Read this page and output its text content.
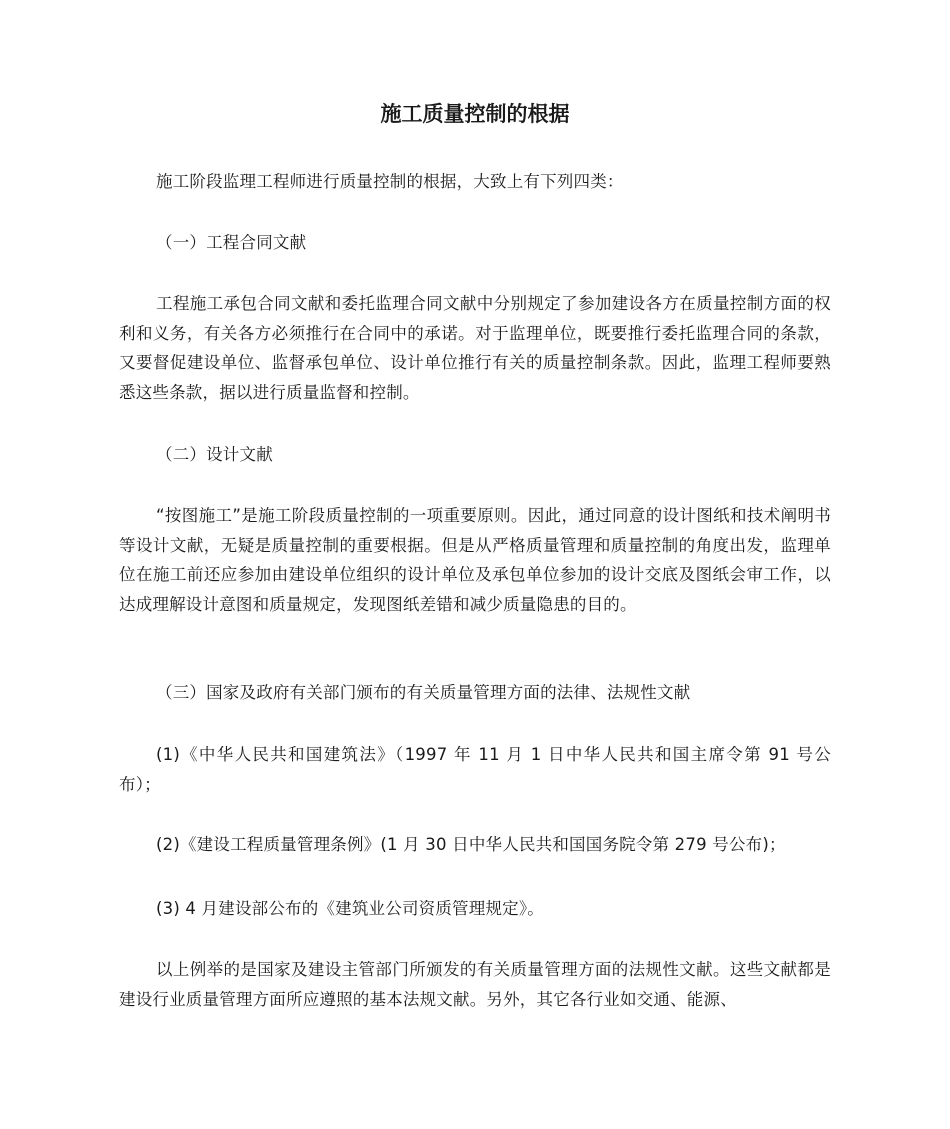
施工质量控制的根据

施工阶段监理工程师进行质量控制的根据，大致上有下列四类：

（一）工程合同文献

工程施工承包合同文献和委托监理合同文献中分别规定了参加建设各方在质量控制方面的权利和义务，有关各方必须推行在合同中的承诺。对于监理单位，既要推行委托监理合同的条款，又要督促建设单位、监督承包单位、设计单位推行有关的质量控制条款。因此，监理工程师要熟悉这些条款，据以进行质量监督和控制。

（二）设计文献

“按图施工”是施工阶段质量控制的一项重要原则。因此，通过同意的设计图纸和技术阐明书等设计文献，无疑是质量控制的重要根据。但是从严格质量管理和质量控制的角度出发，监理单位在施工前还应参加由建设单位组织的设计单位及承包单位参加的设计交底及图纸会审工作，以达成理解设计意图和质量规定，发现图纸差错和减少质量隐患的目的。

（三）国家及政府有关部门颁布的有关质量管理方面的法律、法规性文献

(1)《中华人民共和国建筑法》（1997 年 11 月 1 日中华人民共和国主席令第 91 号公布）；

(2)《建设工程质量管理条例》(1 月 30 日中华人民共和国国务院令第 279 号公布)；

(3) 4 月建设部公布的《建筑业公司资质管理规定》。

以上例举的是国家及建设主管部门所颁发的有关质量管理方面的法规性文献。这些文献都是建设行业质量管理方面所应遵照的基本法规文献。另外，其它各行业如交通、能源、
